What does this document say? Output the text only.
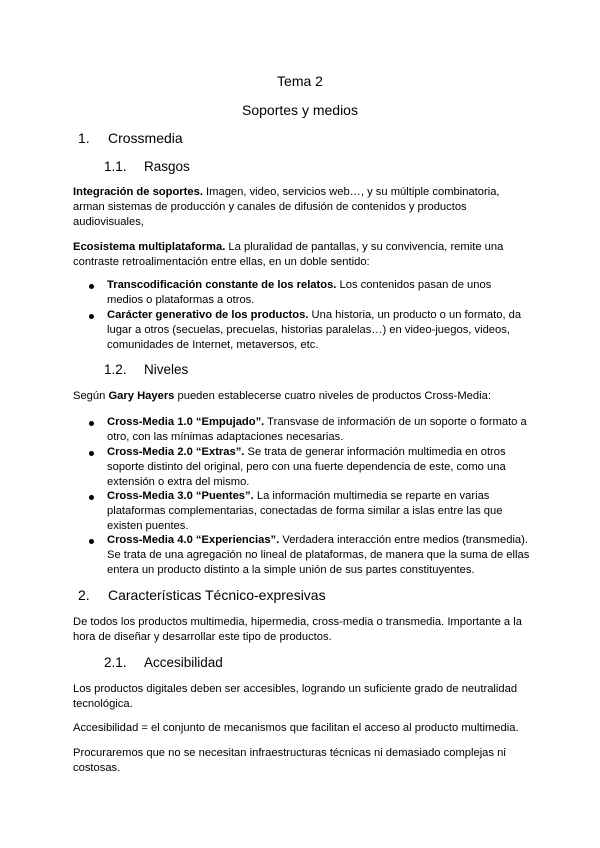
Tema 2
Soportes y medios
1. Crossmedia
1.1. Rasgos
Integración de soportes. Imagen, video, servicios web…, y su múltiple combinatoria,
arman sistemas de producción y canales de difusión de contenidos y productos
audiovisuales,
Ecosistema multiplataforma. La pluralidad de pantallas, y su convivencia, remite una
contraste retroalimentación entre ellas, en un doble sentido:
Transcodificación constante de los relatos. Los contenidos pasan de unos
medios o plataformas a otros.
Carácter generativo de los productos. Una historia, un producto o un formato, da
lugar a otros (secuelas, precuelas, historias paralelas…) en video-juegos, videos,
comunidades de Internet, metaversos, etc.
1.2. Niveles
Según Gary Hayers pueden establecerse cuatro niveles de productos Cross-Media:
Cross-Media 1.0 “Empujado”. Transvase de información de un soporte o formato a
otro, con las mínimas adaptaciones necesarias.
Cross-Media 2.0 “Extras”. Se trata de generar información multimedia en otros
soporte distinto del original, pero con una fuerte dependencia de este, como una
extensión o extra del mismo.
Cross-Media 3.0 “Puentes”. La información multimedia se reparte en varias
plataformas complementarias, conectadas de forma similar a islas entre las que
existen puentes.
Cross-Media 4.0 “Experiencias”. Verdadera interacción entre medios (transmedia).
Se trata de una agregación no lineal de plataformas, de manera que la suma de ellas
entera un producto distinto a la simple unión de sus partes constituyentes.
2. Características Técnico-expresivas
De todos los productos multimedia, hipermedia, cross-media o transmedia. Importante a la
hora de diseñar y desarrollar este tipo de productos.
2.1. Accesibilidad
Los productos digitales deben ser accesibles, logrando un suficiente grado de neutralidad
tecnológica.
Accesibilidad = el conjunto de mecanismos que facilitan el acceso al producto multimedia.
Procuraremos que no se necesitan infraestructuras técnicas ni demasiado complejas ni
costosas.
